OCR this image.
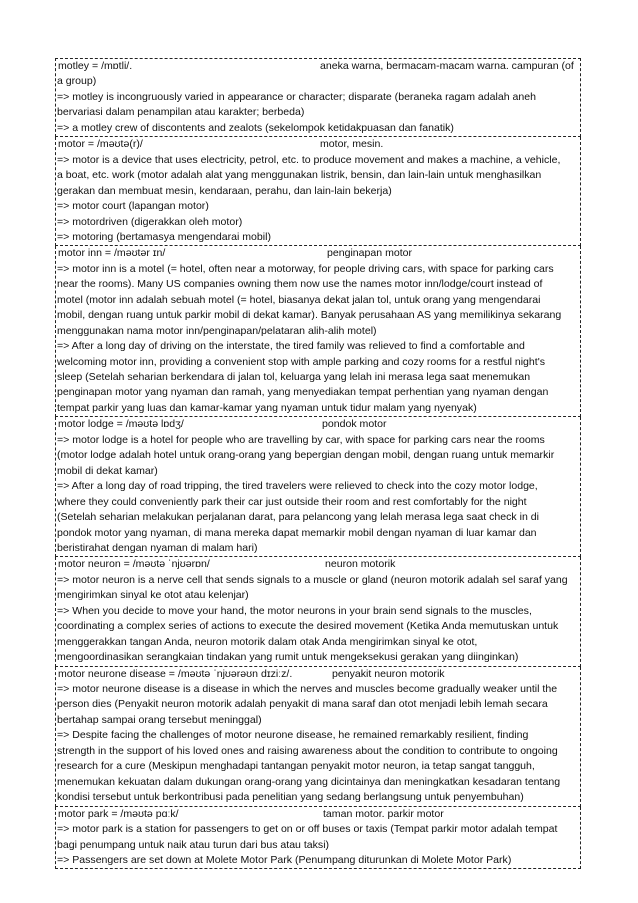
motley = /mɒtli/.	aneka warna, bermacam-macam warna. campuran (of
a group)
=> motley is incongruously varied in appearance or character; disparate (beraneka ragam adalah aneh
bervariasi dalam penampilan atau karakter; berbeda)
=> a motley crew of discontents and zealots (sekelompok ketidakpuasan dan fanatik)
motor = /məʊtə(r)/	motor, mesin.
=> motor is a device that uses electricity, petrol, etc. to produce movement and makes a machine, a vehicle,
a boat, etc. work (motor adalah alat yang menggunakan listrik, bensin, dan lain-lain untuk menghasilkan
gerakan dan membuat mesin, kendaraan, perahu, dan lain-lain bekerja)
=> motor court (lapangan motor)
=> motordriven (digerakkan oleh motor)
=> motoring (bertamasya mengendarai mobil)
motor inn = /məʊtər ɪn/	penginapan motor
=> motor inn is a motel (= hotel, often near a motorway, for people driving cars, with space for parking cars
near the rooms). Many US companies owning them now use the names motor inn/lodge/court instead of
motel (motor inn adalah sebuah motel (= hotel, biasanya dekat jalan tol, untuk orang yang mengendarai
mobil, dengan ruang untuk parkir mobil di dekat kamar). Banyak perusahaan AS yang memilikinya sekarang
menggunakan nama motor inn/penginapan/pelataran alih-alih motel)
=> After a long day of driving on the interstate, the tired family was relieved to find a comfortable and
welcoming motor inn, providing a convenient stop with ample parking and cozy rooms for a restful night's
sleep (Setelah seharian berkendara di jalan tol, keluarga yang lelah ini merasa lega saat menemukan
penginapan motor yang nyaman dan ramah, yang menyediakan tempat perhentian yang nyaman dengan
tempat parkir yang luas dan kamar-kamar yang nyaman untuk tidur malam yang nyenyak)
motor lodge = /məʊtə lɒdʒ/	pondok motor
=> motor lodge is a hotel for people who are travelling by car, with space for parking cars near the rooms
(motor lodge adalah hotel untuk orang-orang yang bepergian dengan mobil, dengan ruang untuk memarkir
mobil di dekat kamar)
=> After a long day of road tripping, the tired travelers were relieved to check into the cozy motor lodge,
where they could conveniently park their car just outside their room and rest comfortably for the night
(Setelah seharian melakukan perjalanan darat, para pelancong yang lelah merasa lega saat check in di
pondok motor yang nyaman, di mana mereka dapat memarkir mobil dengan nyaman di luar kamar dan
beristirahat dengan nyaman di malam hari)
motor neuron = /məʊtə ˈnjʊərɒn/	neuron motorik
=> motor neuron is a nerve cell that sends signals to a muscle or gland (neuron motorik adalah sel saraf yang
mengirimkan sinyal ke otot atau kelenjar)
=> When you decide to move your hand, the motor neurons in your brain send signals to the muscles,
coordinating a complex series of actions to execute the desired movement (Ketika Anda memutuskan untuk
menggerakkan tangan Anda, neuron motorik dalam otak Anda mengirimkan sinyal ke otot,
mengoordinasikan serangkaian tindakan yang rumit untuk mengeksekusi gerakan yang diinginkan)
motor neurone disease = /məʊtə ˈnjʊərəʊn dɪziːz/.	penyakit neuron motorik
=> motor neurone disease is a disease in which the nerves and muscles become gradually weaker until the
person dies (Penyakit neuron motorik adalah penyakit di mana saraf dan otot menjadi lebih lemah secara
bertahap sampai orang tersebut meninggal)
=> Despite facing the challenges of motor neurone disease, he remained remarkably resilient, finding
strength in the support of his loved ones and raising awareness about the condition to contribute to ongoing
research for a cure (Meskipun menghadapi tantangan penyakit motor neuron, ia tetap sangat tangguh,
menemukan kekuatan dalam dukungan orang-orang yang dicintainya dan meningkatkan kesadaran tentang
kondisi tersebut untuk berkontribusi pada penelitian yang sedang berlangsung untuk penyembuhan)
motor park = /məʊtə pɑːk/	taman motor. parkir motor
=> motor park is a station for passengers to get on or off buses or taxis (Tempat parkir motor adalah tempat
bagi penumpang untuk naik atau turun dari bus atau taksi)
=> Passengers are set down at Molete Motor Park (Penumpang diturunkan di Molete Motor Park)
